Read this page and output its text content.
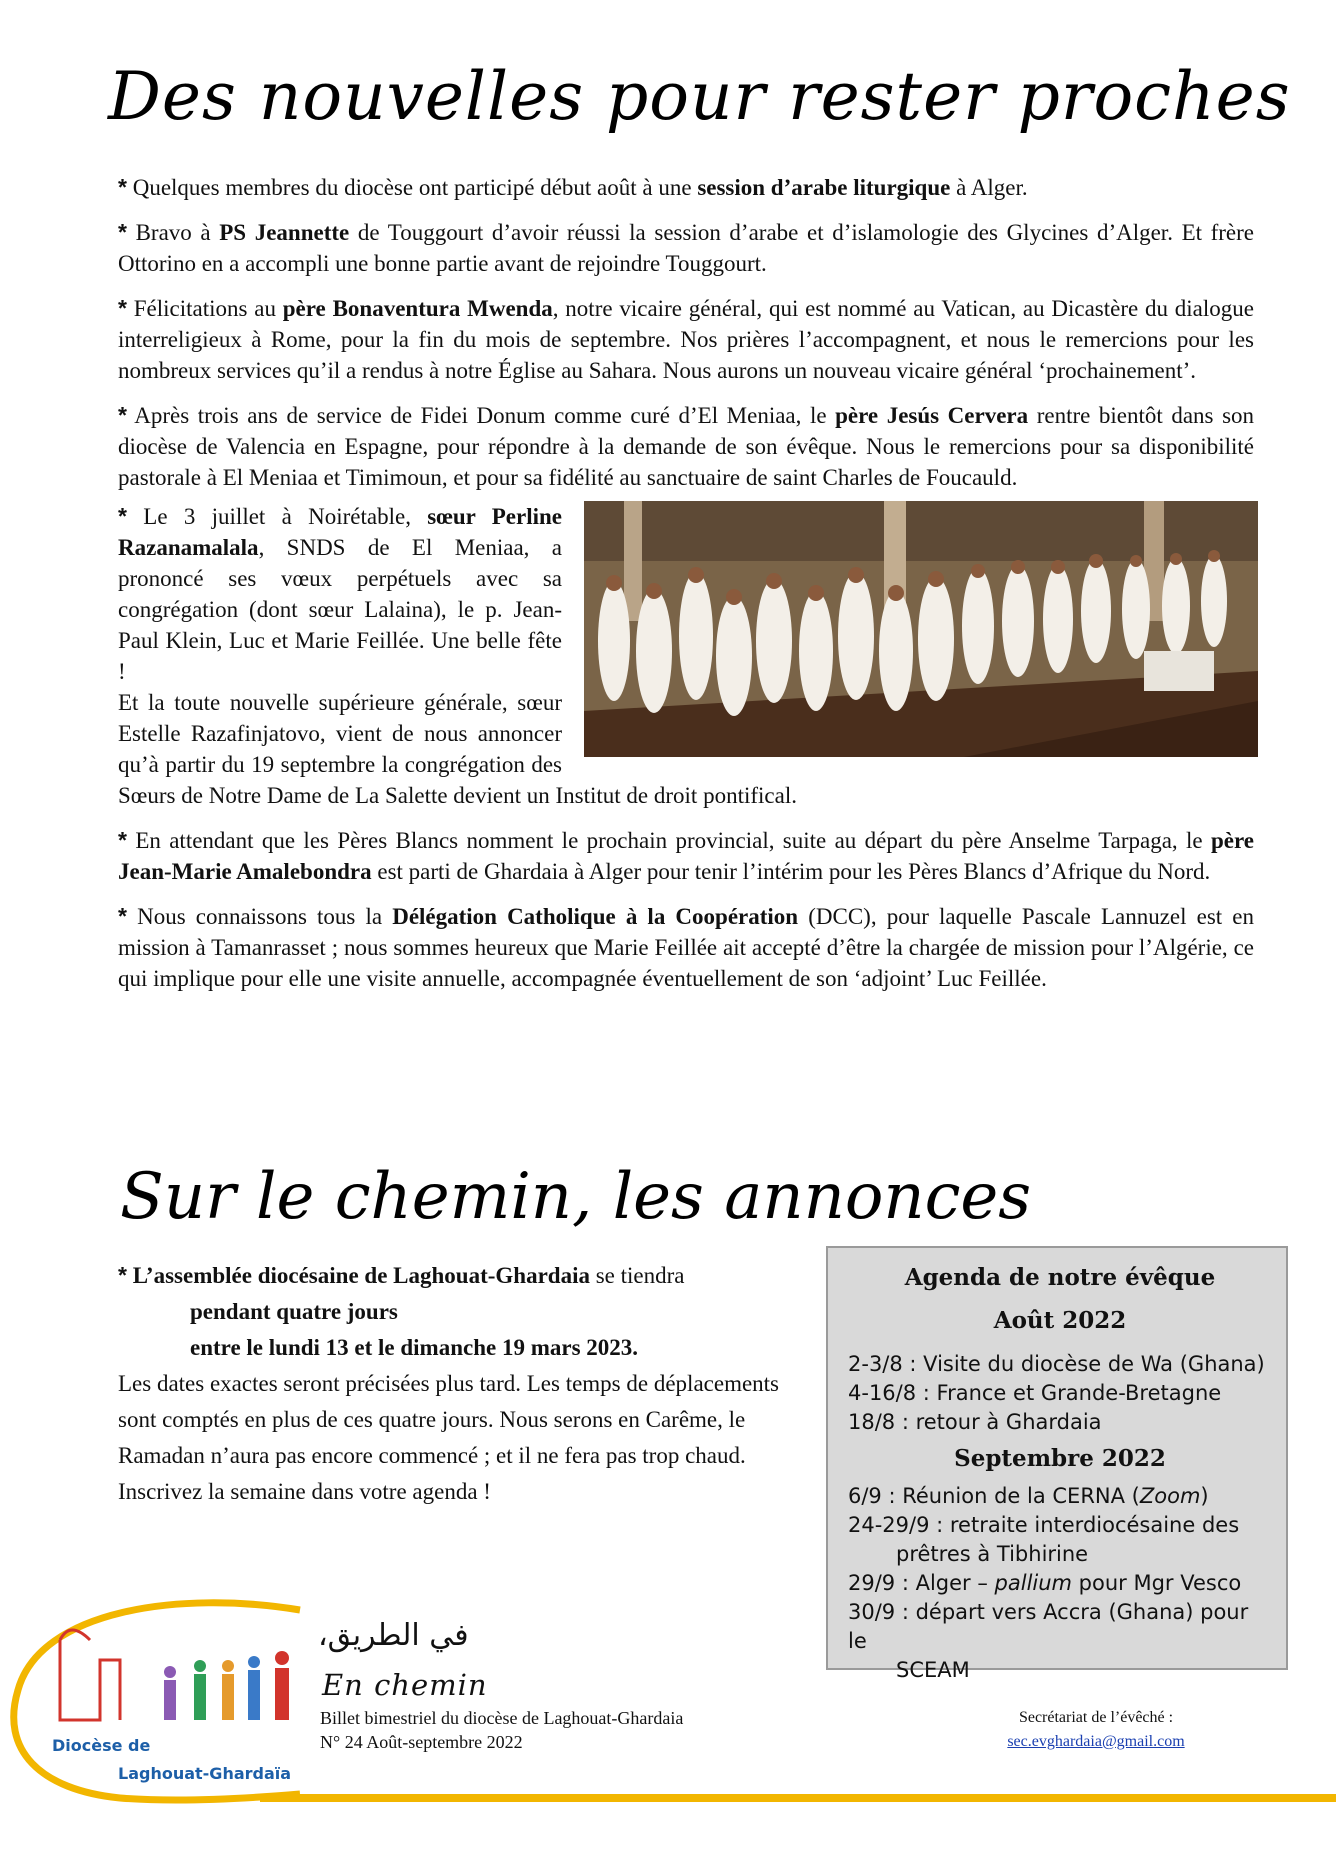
Des nouvelles pour rester proches

* Quelques membres du diocèse ont participé début août à une session d’arabe liturgique à Alger.

* Bravo à PS Jeannette de Touggourt d’avoir réussi la session d’arabe et d’islamologie des Glycines d’Alger. Et frère Ottorino en a accompli une bonne partie avant de rejoindre Touggourt.

* Félicitations au père Bonaventura Mwenda, notre vicaire général, qui est nommé au Vatican, au Dicastère du dialogue interreligieux à Rome, pour la fin du mois de septembre. Nos prières l’accompagnent, et nous le remercions pour les nombreux services qu’il a rendus à notre Église au Sahara. Nous aurons un nouveau vicaire général ‘prochainement’.

* Après trois ans de service de Fidei Donum comme curé d’El Meniaa, le père Jesús Cervera rentre bientôt dans son diocèse de Valencia en Espagne, pour répondre à la demande de son évêque. Nous le remercions pour sa disponibilité pastorale à El Meniaa et Timimoun, et pour sa fidélité au sanctuaire de saint Charles de Foucauld.

* Le 3 juillet à Noirétable, sœur Perline Razanamalala, SNDS de El Meniaa, a prononcé ses vœux perpétuels avec sa congrégation (dont sœur Lalaina), le p. Jean-Paul Klein, Luc et Marie Feillée. Une belle fête !

Et la toute nouvelle supérieure générale, sœur Estelle Razafinjatovo, vient de nous annoncer qu’à partir du 19 septembre la congrégation des Sœurs de Notre Dame de La Salette devient un Institut de droit pontifical.

* En attendant que les Pères Blancs nomment le prochain provincial, suite au départ du père Anselme Tarpaga, le père Jean-Marie Amalebondra est parti de Ghardaia à Alger pour tenir l’intérim pour les Pères Blancs d’Afrique du Nord.

* Nous connaissons tous la Délégation Catholique à la Coopération (DCC), pour laquelle Pascale Lannuzel est en mission à Tamanrasset ; nous sommes heureux que Marie Feillée ait accepté d’être la chargée de mission pour l’Algérie, ce qui implique pour elle une visite annuelle, accompagnée éventuellement de son ‘adjoint’ Luc Feillée.

Sur le chemin, les annonces

* L’assemblée diocésaine de Laghouat-Ghardaia se tiendra

pendant quatre jours

entre le lundi 13 et le dimanche 19 mars 2023.

Les dates exactes seront précisées plus tard. Les temps de déplacements sont comptés en plus de ces quatre jours. Nous serons en Carême, le Ramadan n’aura pas encore commencé ; et il ne fera pas trop chaud.

Inscrivez la semaine dans votre agenda !

Agenda de notre évêque
Août 2022

2-3/8 : Visite du diocèse de Wa (Ghana)

4-16/8 : France et Grande-Bretagne

18/8 : retour à Ghardaia

Septembre 2022

6/9 : Réunion de la CERNA (Zoom)

24-29/9 : retraite interdiocésaine des

prêtres à Tibhirine

29/9 : Alger – pallium pour Mgr Vesco

30/9 : départ vers Accra (Ghana) pour le

SCEAM

Diocèse de
Laghouat-Ghardaïa
في الطريق،
En chemin
Billet bimestriel du diocèse de Laghouat-Ghardaia
N° 24 Août-septembre 2022
Secrétariat de l’évêché :
sec.evghardaia@gmail.com
